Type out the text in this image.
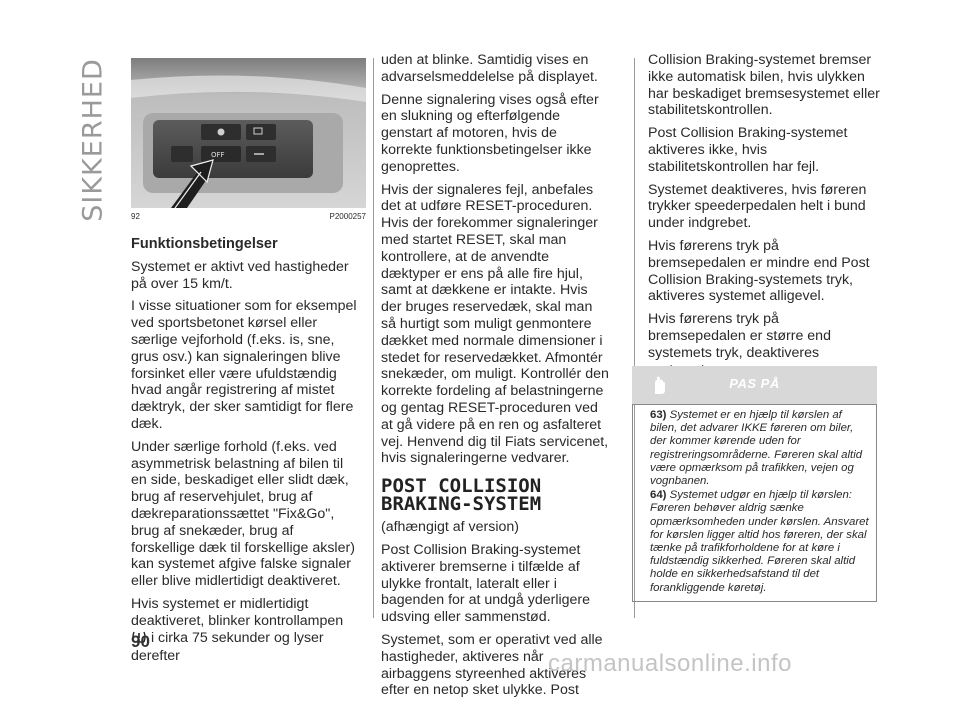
SIKKERHED	OFF
92	P2000257

Funktionsbetingelser

Systemet er aktivt ved hastigheder på over 15 km/t.

I visse situationer som for eksempel ved sportsbetonet kørsel eller særlige vejforhold (f.eks. is, sne, grus osv.) kan signaleringen blive forsinket eller være ufuldstændig hvad angår registrering af mistet dæktryk, der sker samtidigt for flere dæk.

Under særlige forhold (f.eks. ved asymmetrisk belastning af bilen til en side, beskadiget eller slidt dæk, brug af reservehjulet, brug af dækreparationssættet "Fix&Go", brug af snekæder, brug af forskellige dæk til forskellige aksler) kan systemet afgive falske signaler eller blive midlertidigt deaktiveret.

Hvis systemet er midlertidigt deaktiveret, blinker kontrollampen  i cirka 75 sekunder og lyser derefter

uden at blinke. Samtidig vises en advarselsmeddelelse på displayet.

Denne signalering vises også efter en slukning og efterfølgende genstart af motoren, hvis de korrekte funktionsbetingelser ikke genoprettes.

Hvis der signaleres fejl, anbefales det at udføre RESET-proceduren. Hvis der forekommer signaleringer med startet RESET, skal man kontrollere, at de anvendte dæktyper er ens på alle fire hjul, samt at dækkene er intakte. Hvis der bruges reservedæk, skal man så hurtigt som muligt genmontere dækket med normale dimensioner i stedet for reservedækket. Afmontér snekæder, om muligt. Kontrollér den korrekte fordeling af belastningerne og gentag RESET-proceduren ved at gå videre på en ren og asfalteret vej. Henvend dig til Fiats servicenet, hvis signaleringerne vedvarer.

POST COLLISION BRAKING-SYSTEM

(afhængigt af version)

Post Collision Braking-systemet aktiverer bremserne i tilfælde af ulykke frontalt, lateralt eller i bagenden for at undgå yderligere udsving eller sammenstød.

Systemet, som er operativt ved alle hastigheder, aktiveres når airbaggens styreenhed aktiveres efter en netop sket ulykke. Post

Collision Braking-systemet bremser ikke automatisk bilen, hvis ulykken har beskadiget bremsesystemet eller stabilitetskontrollen.

Post Collision Braking-systemet aktiveres ikke, hvis stabilitetskontrollen har fejl.

Systemet deaktiveres, hvis føreren trykker speederpedalen helt i bund under indgrebet.

Hvis førerens tryk på bremsepedalen er mindre end Post Collision Braking-systemets tryk, aktiveres systemet alligevel.

Hvis førerens tryk på bremsepedalen er større end systemets tryk, deaktiveres

PAS PÅ

63) Systemet er en hjælp til kørslen af bilen, det advarer IKKE føreren om biler, der kommer kørende uden for registreringsområderne. Føreren skal altid være opmærksom på trafikken, vejen og vognbanen.

64) Systemet udgør en hjælp til kørslen: Føreren behøver aldrig sænke opmærksomheden under kørslen. Ansvaret for kørslen ligger altid hos føreren, der skal tænke på trafikforholdene for at køre i fuldstændig sikkerhed. Føreren skal altid holde en sikkerhedsafstand til det forankliggende køretøj.

90
carmanualsonline.info
